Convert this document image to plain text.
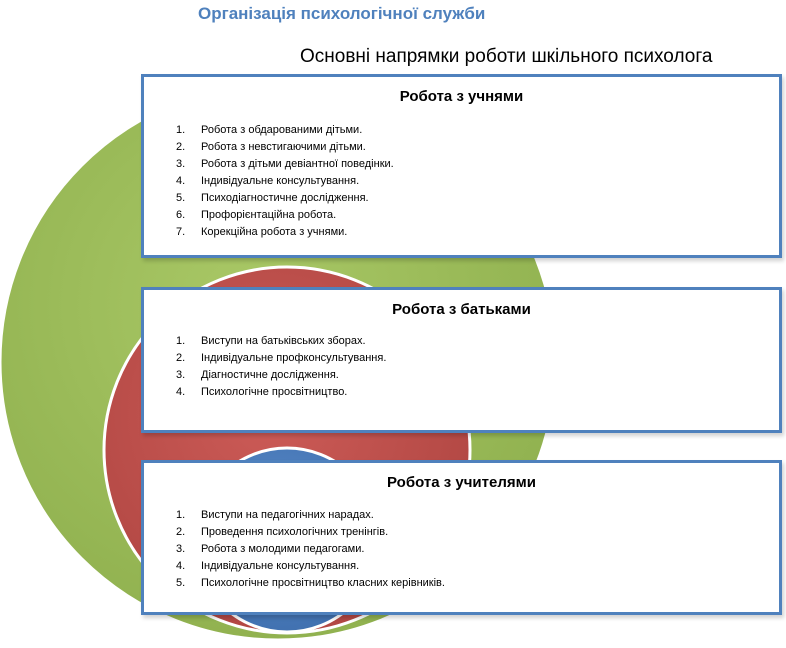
Організація психологічної служби
Основні напрямки роботи шкільного психолога
Робота з учнями
1.	Робота з обдарованими дітьми.
2.	Робота з невстигаючими дітьми.
3.	Робота з дітьми девіантної поведінки.
4.	Індивідуальне консультування.
5.	Психодіагностичне дослідження.
6.	Профорієнтаційна робота.
7.	Корекційна робота з учнями.
Робота з батьками
1.	Виступи на батьківських зборах.
2.	Індивідуальне профконсультування.
3.	Діагностичне дослідження.
4.	Психологічне просвітництво.
Робота з учителями
1.	Виступи на педагогічних нарадах.
2.	Проведення психологічних тренінгів.
3.	Робота з молодими педагогами.
4.	Індивідуальне консультування.
5.	Психологічне просвітництво класних керівників.
